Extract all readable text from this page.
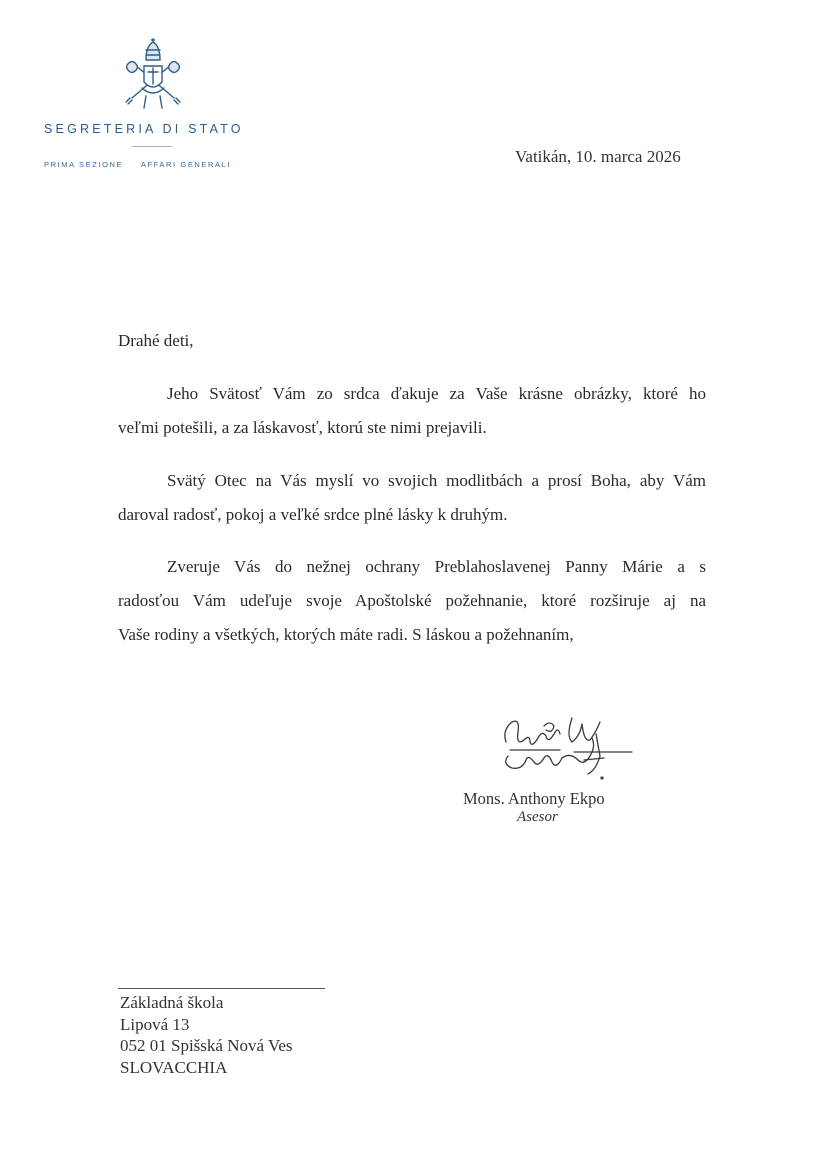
SEGRETERIA DI STATO
PRIMA SEZIONE AFFARI GENERALI	Vatikán, 10. marca 2026
Drahé deti,
Jeho Svätosť Vám zo srdca ďakuje za Vaše krásne obrázky, ktoré ho
veľmi potešili, a za láskavosť, ktorú ste nimi prejavili.
Svätý Otec na Vás myslí vo svojich modlitbách a prosí Boha, aby Vám
daroval radosť, pokoj a veľké srdce plné lásky k druhým.
Zveruje Vás do nežnej ochrany Preblahoslavenej Panny Márie a s
radosťou Vám udeľuje svoje Apoštolské požehnanie, ktoré rozširuje aj na
Vaše rodiny a všetkých, ktorých máte radi. S láskou a požehnaním,
Mons. Anthony Ekpo
Asesor
Základná škola
Lipová 13
052 01 Spišská Nová Ves
SLOVACCHIA
